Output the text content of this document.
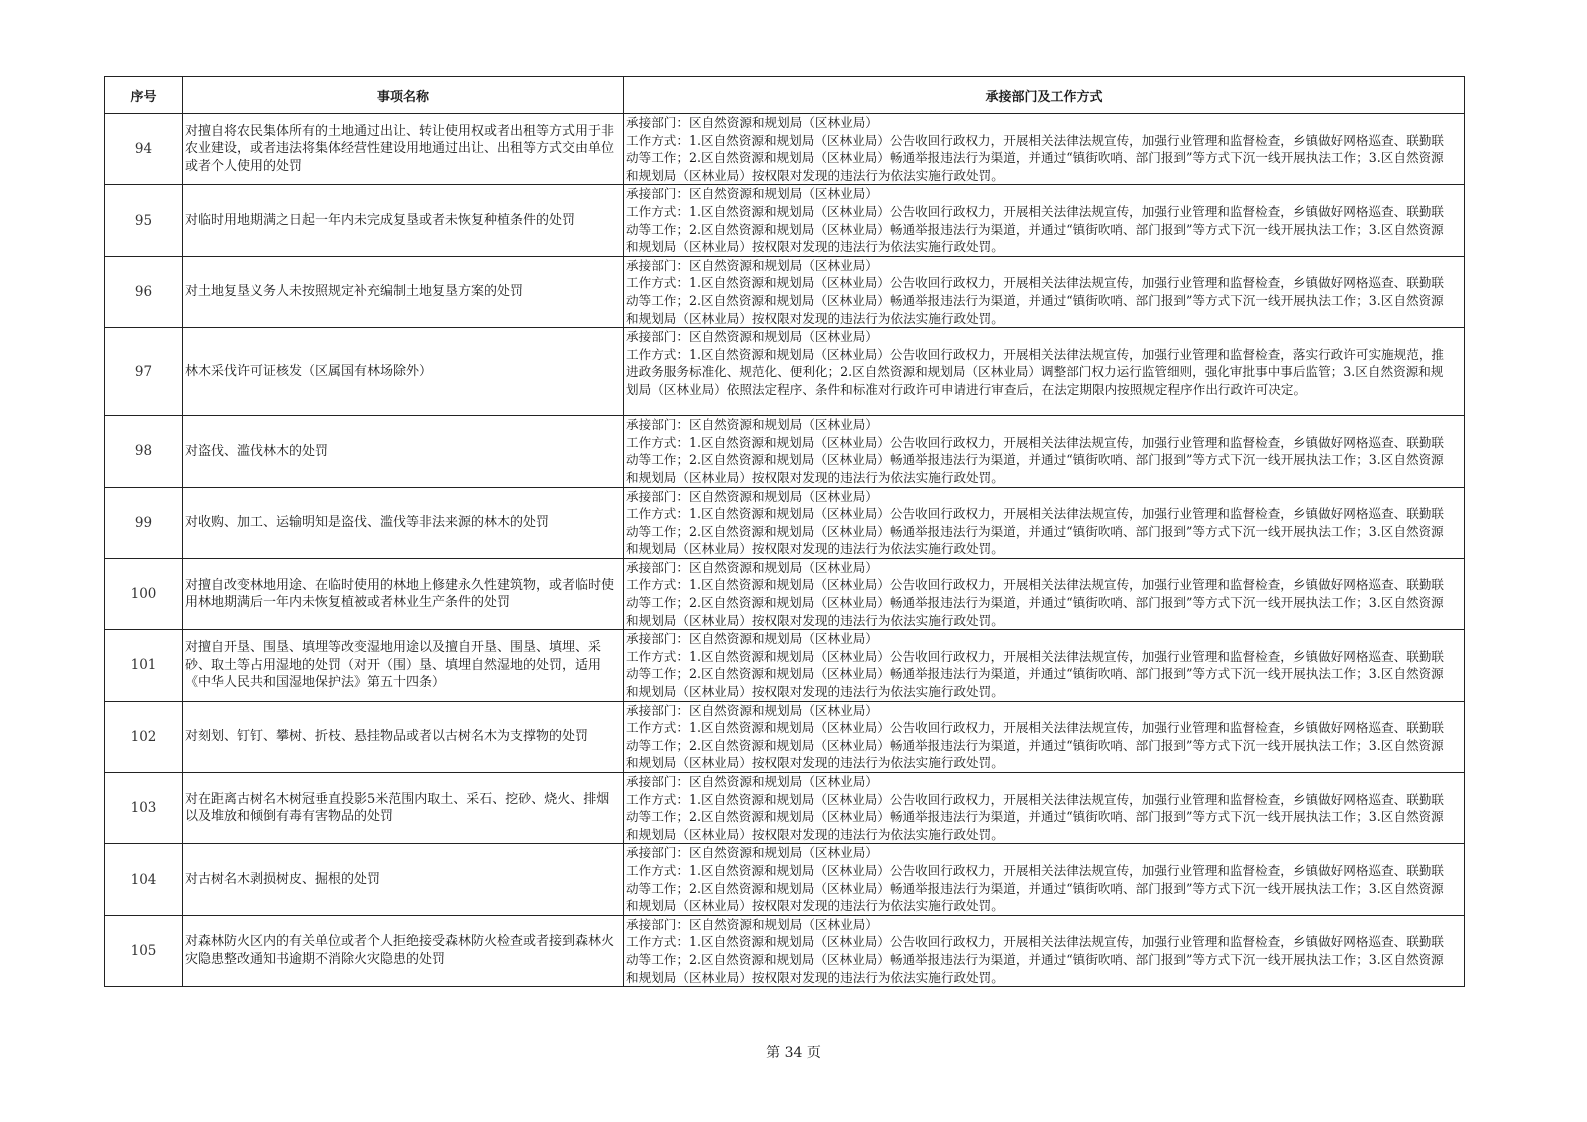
序号	事项名称	承接部门及工作方式
94	对擅自将农民集体所有的土地通过出让、转让使用权或者出租等方式用于非农业建设，或者违法将集体经营性建设用地通过出让、出租等方式交由单位或者个人使用的处罚	承接部门：区自然资源和规划局（区林业局）
工作方式：1.区自然资源和规划局（区林业局）公告收回行政权力，开展相关法律法规宣传，加强行业管理和监督检查，乡镇做好网格巡查、联勤联动等工作；2.区自然资源和规划局（区林业局）畅通举报违法行为渠道，并通过“镇街吹哨、部门报到”等方式下沉一线开展执法工作；3.区自然资源和规划局（区林业局）按权限对发现的违法行为依法实施行政处罚。

95	对临时用地期满之日起一年内未完成复垦或者未恢复种植条件的处罚	承接部门：区自然资源和规划局（区林业局）
工作方式：1.区自然资源和规划局（区林业局）公告收回行政权力，开展相关法律法规宣传，加强行业管理和监督检查，乡镇做好网格巡查、联勤联动等工作；2.区自然资源和规划局（区林业局）畅通举报违法行为渠道，并通过“镇街吹哨、部门报到”等方式下沉一线开展执法工作；3.区自然资源和规划局（区林业局）按权限对发现的违法行为依法实施行政处罚。

96	对土地复垦义务人未按照规定补充编制土地复垦方案的处罚	承接部门：区自然资源和规划局（区林业局）
工作方式：1.区自然资源和规划局（区林业局）公告收回行政权力，开展相关法律法规宣传，加强行业管理和监督检查，乡镇做好网格巡查、联勤联动等工作；2.区自然资源和规划局（区林业局）畅通举报违法行为渠道，并通过“镇街吹哨、部门报到”等方式下沉一线开展执法工作；3.区自然资源和规划局（区林业局）按权限对发现的违法行为依法实施行政处罚。

97	林木采伐许可证核发（区属国有林场除外）	承接部门：区自然资源和规划局（区林业局）
工作方式：1.区自然资源和规划局（区林业局）公告收回行政权力，开展相关法律法规宣传，加强行业管理和监督检查，落实行政许可实施规范，推进政务服务标准化、规范化、便利化；2.区自然资源和规划局（区林业局）调整部门权力运行监管细则，强化审批事中事后监管；3.区自然资源和规划局（区林业局）依照法定程序、条件和标准对行政许可申请进行审查后，在法定期限内按照规定程序作出行政许可决定。

98	对盗伐、滥伐林木的处罚	承接部门：区自然资源和规划局（区林业局）
工作方式：1.区自然资源和规划局（区林业局）公告收回行政权力，开展相关法律法规宣传，加强行业管理和监督检查，乡镇做好网格巡查、联勤联动等工作；2.区自然资源和规划局（区林业局）畅通举报违法行为渠道，并通过“镇街吹哨、部门报到”等方式下沉一线开展执法工作；3.区自然资源和规划局（区林业局）按权限对发现的违法行为依法实施行政处罚。

99	对收购、加工、运输明知是盗伐、滥伐等非法来源的林木的处罚	承接部门：区自然资源和规划局（区林业局）
工作方式：1.区自然资源和规划局（区林业局）公告收回行政权力，开展相关法律法规宣传，加强行业管理和监督检查，乡镇做好网格巡查、联勤联动等工作；2.区自然资源和规划局（区林业局）畅通举报违法行为渠道，并通过“镇街吹哨、部门报到”等方式下沉一线开展执法工作；3.区自然资源和规划局（区林业局）按权限对发现的违法行为依法实施行政处罚。

100	对擅自改变林地用途、在临时使用的林地上修建永久性建筑物，或者临时使用林地期满后一年内未恢复植被或者林业生产条件的处罚	承接部门：区自然资源和规划局（区林业局）
工作方式：1.区自然资源和规划局（区林业局）公告收回行政权力，开展相关法律法规宣传，加强行业管理和监督检查，乡镇做好网格巡查、联勤联动等工作；2.区自然资源和规划局（区林业局）畅通举报违法行为渠道，并通过“镇街吹哨、部门报到”等方式下沉一线开展执法工作；3.区自然资源和规划局（区林业局）按权限对发现的违法行为依法实施行政处罚。

101	对擅自开垦、围垦、填埋等改变湿地用途以及擅自开垦、围垦、填埋、采砂、取土等占用湿地的处罚（对开（围）垦、填埋自然湿地的处罚，适用《中华人民共和国湿地保护法》第五十四条）	承接部门：区自然资源和规划局（区林业局）
工作方式：1.区自然资源和规划局（区林业局）公告收回行政权力，开展相关法律法规宣传，加强行业管理和监督检查，乡镇做好网格巡查、联勤联动等工作；2.区自然资源和规划局（区林业局）畅通举报违法行为渠道，并通过“镇街吹哨、部门报到”等方式下沉一线开展执法工作；3.区自然资源和规划局（区林业局）按权限对发现的违法行为依法实施行政处罚。

102	对刻划、钉钉、攀树、折枝、悬挂物品或者以古树名木为支撑物的处罚	承接部门：区自然资源和规划局（区林业局）
工作方式：1.区自然资源和规划局（区林业局）公告收回行政权力，开展相关法律法规宣传，加强行业管理和监督检查，乡镇做好网格巡查、联勤联动等工作；2.区自然资源和规划局（区林业局）畅通举报违法行为渠道，并通过“镇街吹哨、部门报到”等方式下沉一线开展执法工作；3.区自然资源和规划局（区林业局）按权限对发现的违法行为依法实施行政处罚。

103	对在距离古树名木树冠垂直投影5米范围内取土、采石、挖砂、烧火、排烟以及堆放和倾倒有毒有害物品的处罚	承接部门：区自然资源和规划局（区林业局）
工作方式：1.区自然资源和规划局（区林业局）公告收回行政权力，开展相关法律法规宣传，加强行业管理和监督检查，乡镇做好网格巡查、联勤联动等工作；2.区自然资源和规划局（区林业局）畅通举报违法行为渠道，并通过“镇街吹哨、部门报到”等方式下沉一线开展执法工作；3.区自然资源和规划局（区林业局）按权限对发现的违法行为依法实施行政处罚。

104	对古树名木剥损树皮、掘根的处罚	承接部门：区自然资源和规划局（区林业局）
工作方式：1.区自然资源和规划局（区林业局）公告收回行政权力，开展相关法律法规宣传，加强行业管理和监督检查，乡镇做好网格巡查、联勤联动等工作；2.区自然资源和规划局（区林业局）畅通举报违法行为渠道，并通过“镇街吹哨、部门报到”等方式下沉一线开展执法工作；3.区自然资源和规划局（区林业局）按权限对发现的违法行为依法实施行政处罚。

105	对森林防火区内的有关单位或者个人拒绝接受森林防火检查或者接到森林火灾隐患整改通知书逾期不消除火灾隐患的处罚	承接部门：区自然资源和规划局（区林业局）
工作方式：1.区自然资源和规划局（区林业局）公告收回行政权力，开展相关法律法规宣传，加强行业管理和监督检查，乡镇做好网格巡查、联勤联动等工作；2.区自然资源和规划局（区林业局）畅通举报违法行为渠道，并通过“镇街吹哨、部门报到”等方式下沉一线开展执法工作；3.区自然资源和规划局（区林业局）按权限对发现的违法行为依法实施行政处罚。
第 34 页
